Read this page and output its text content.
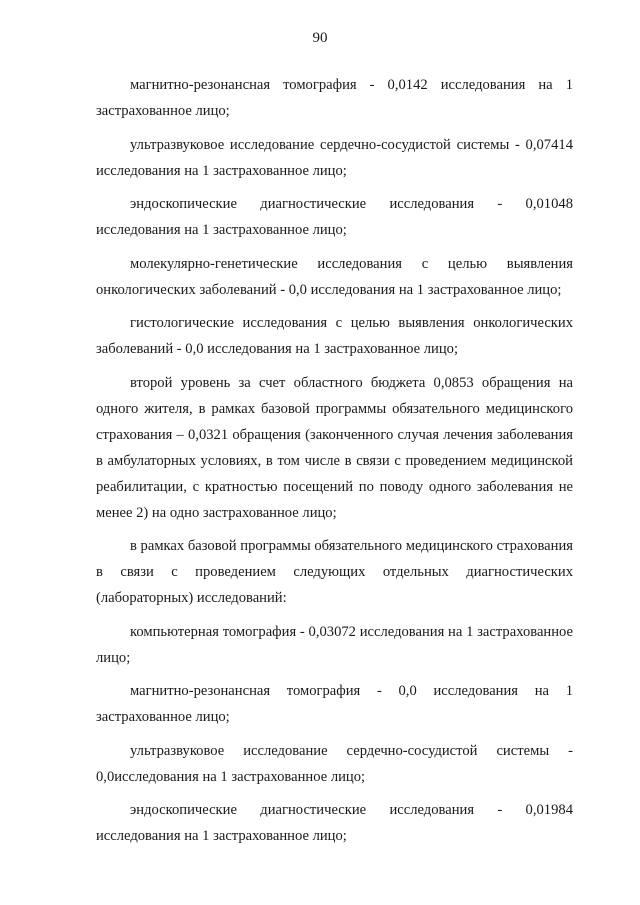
90

магнитно-резонансная томография - 0,0142 исследования на 1 застрахованное лицо;

ультразвуковое исследование сердечно-сосудистой системы - 0,07414 исследования на 1 застрахованное лицо;

эндоскопические диагностические исследования - 0,01048 исследования на 1 застрахованное лицо;

молекулярно-генетические исследования с целью выявления онкологических заболеваний - 0,0 исследования на 1 застрахованное лицо;

гистологические исследования с целью выявления онкологических заболеваний - 0,0 исследования на 1 застрахованное лицо;

второй уровень за счет областного бюджета 0,0853 обращения на одного жителя, в рамках базовой программы обязательного медицинского страхования – 0,0321 обращения (законченного случая лечения заболевания в амбулаторных условиях, в том числе в связи с проведением медицинской реабилитации, с кратностью посещений по поводу одного заболевания не менее 2) на одно застрахованное лицо;

в рамках базовой программы обязательного медицинского страхования в связи с проведением следующих отдельных диагностических (лабораторных) исследований:

компьютерная томография - 0,03072 исследования на 1 застрахованное лицо;

магнитно-резонансная томография - 0,0 исследования на 1 застрахованное лицо;

ультразвуковое исследование сердечно-сосудистой системы - 0,0исследования на 1 застрахованное лицо;

эндоскопические диагностические исследования - 0,01984 исследования на 1 застрахованное лицо;
